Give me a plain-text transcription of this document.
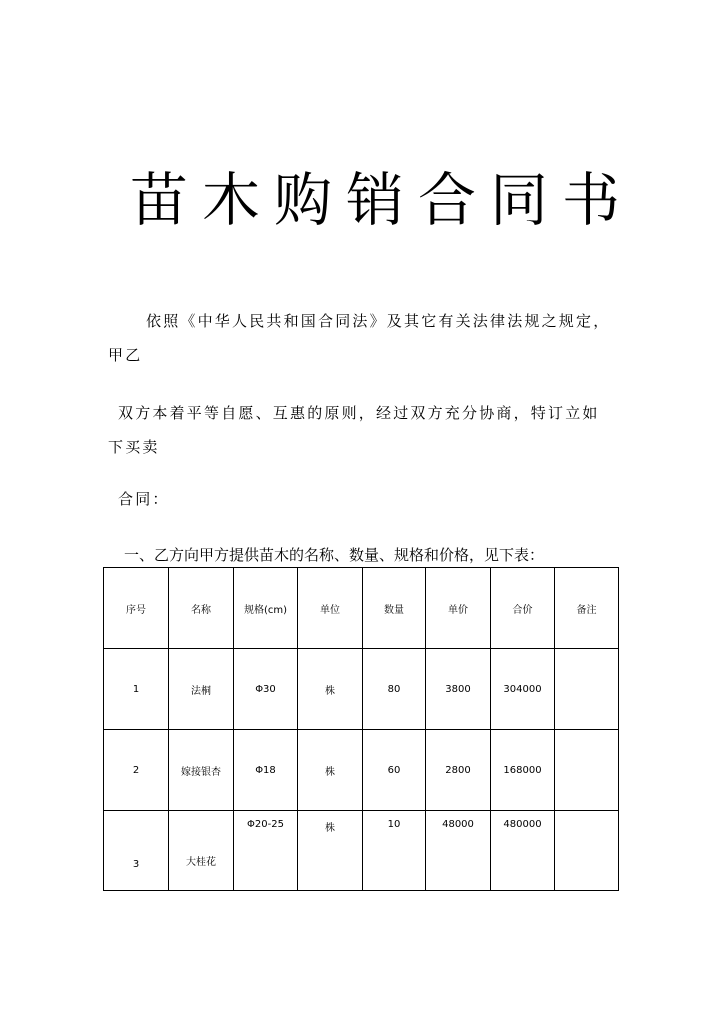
苗木购销合同书
依照《中华人民共和国合同法》及其它有关法律法规之规定，甲乙
双方本着平等自愿、互惠的原则，经过双方充分协商，特订立如下买卖
合同：
一、乙方向甲方提供苗木的名称、数量、规格和价格，见下表：
序号	名称	规格(cm)	单位	数量	单价	合价	备注
1	法桐	Φ30	株	80	3800	304000	
2	嫁接银杏	Φ18	株	60	2800	168000	
3	大桂花	Φ20-25	株	10	48000	480000	
